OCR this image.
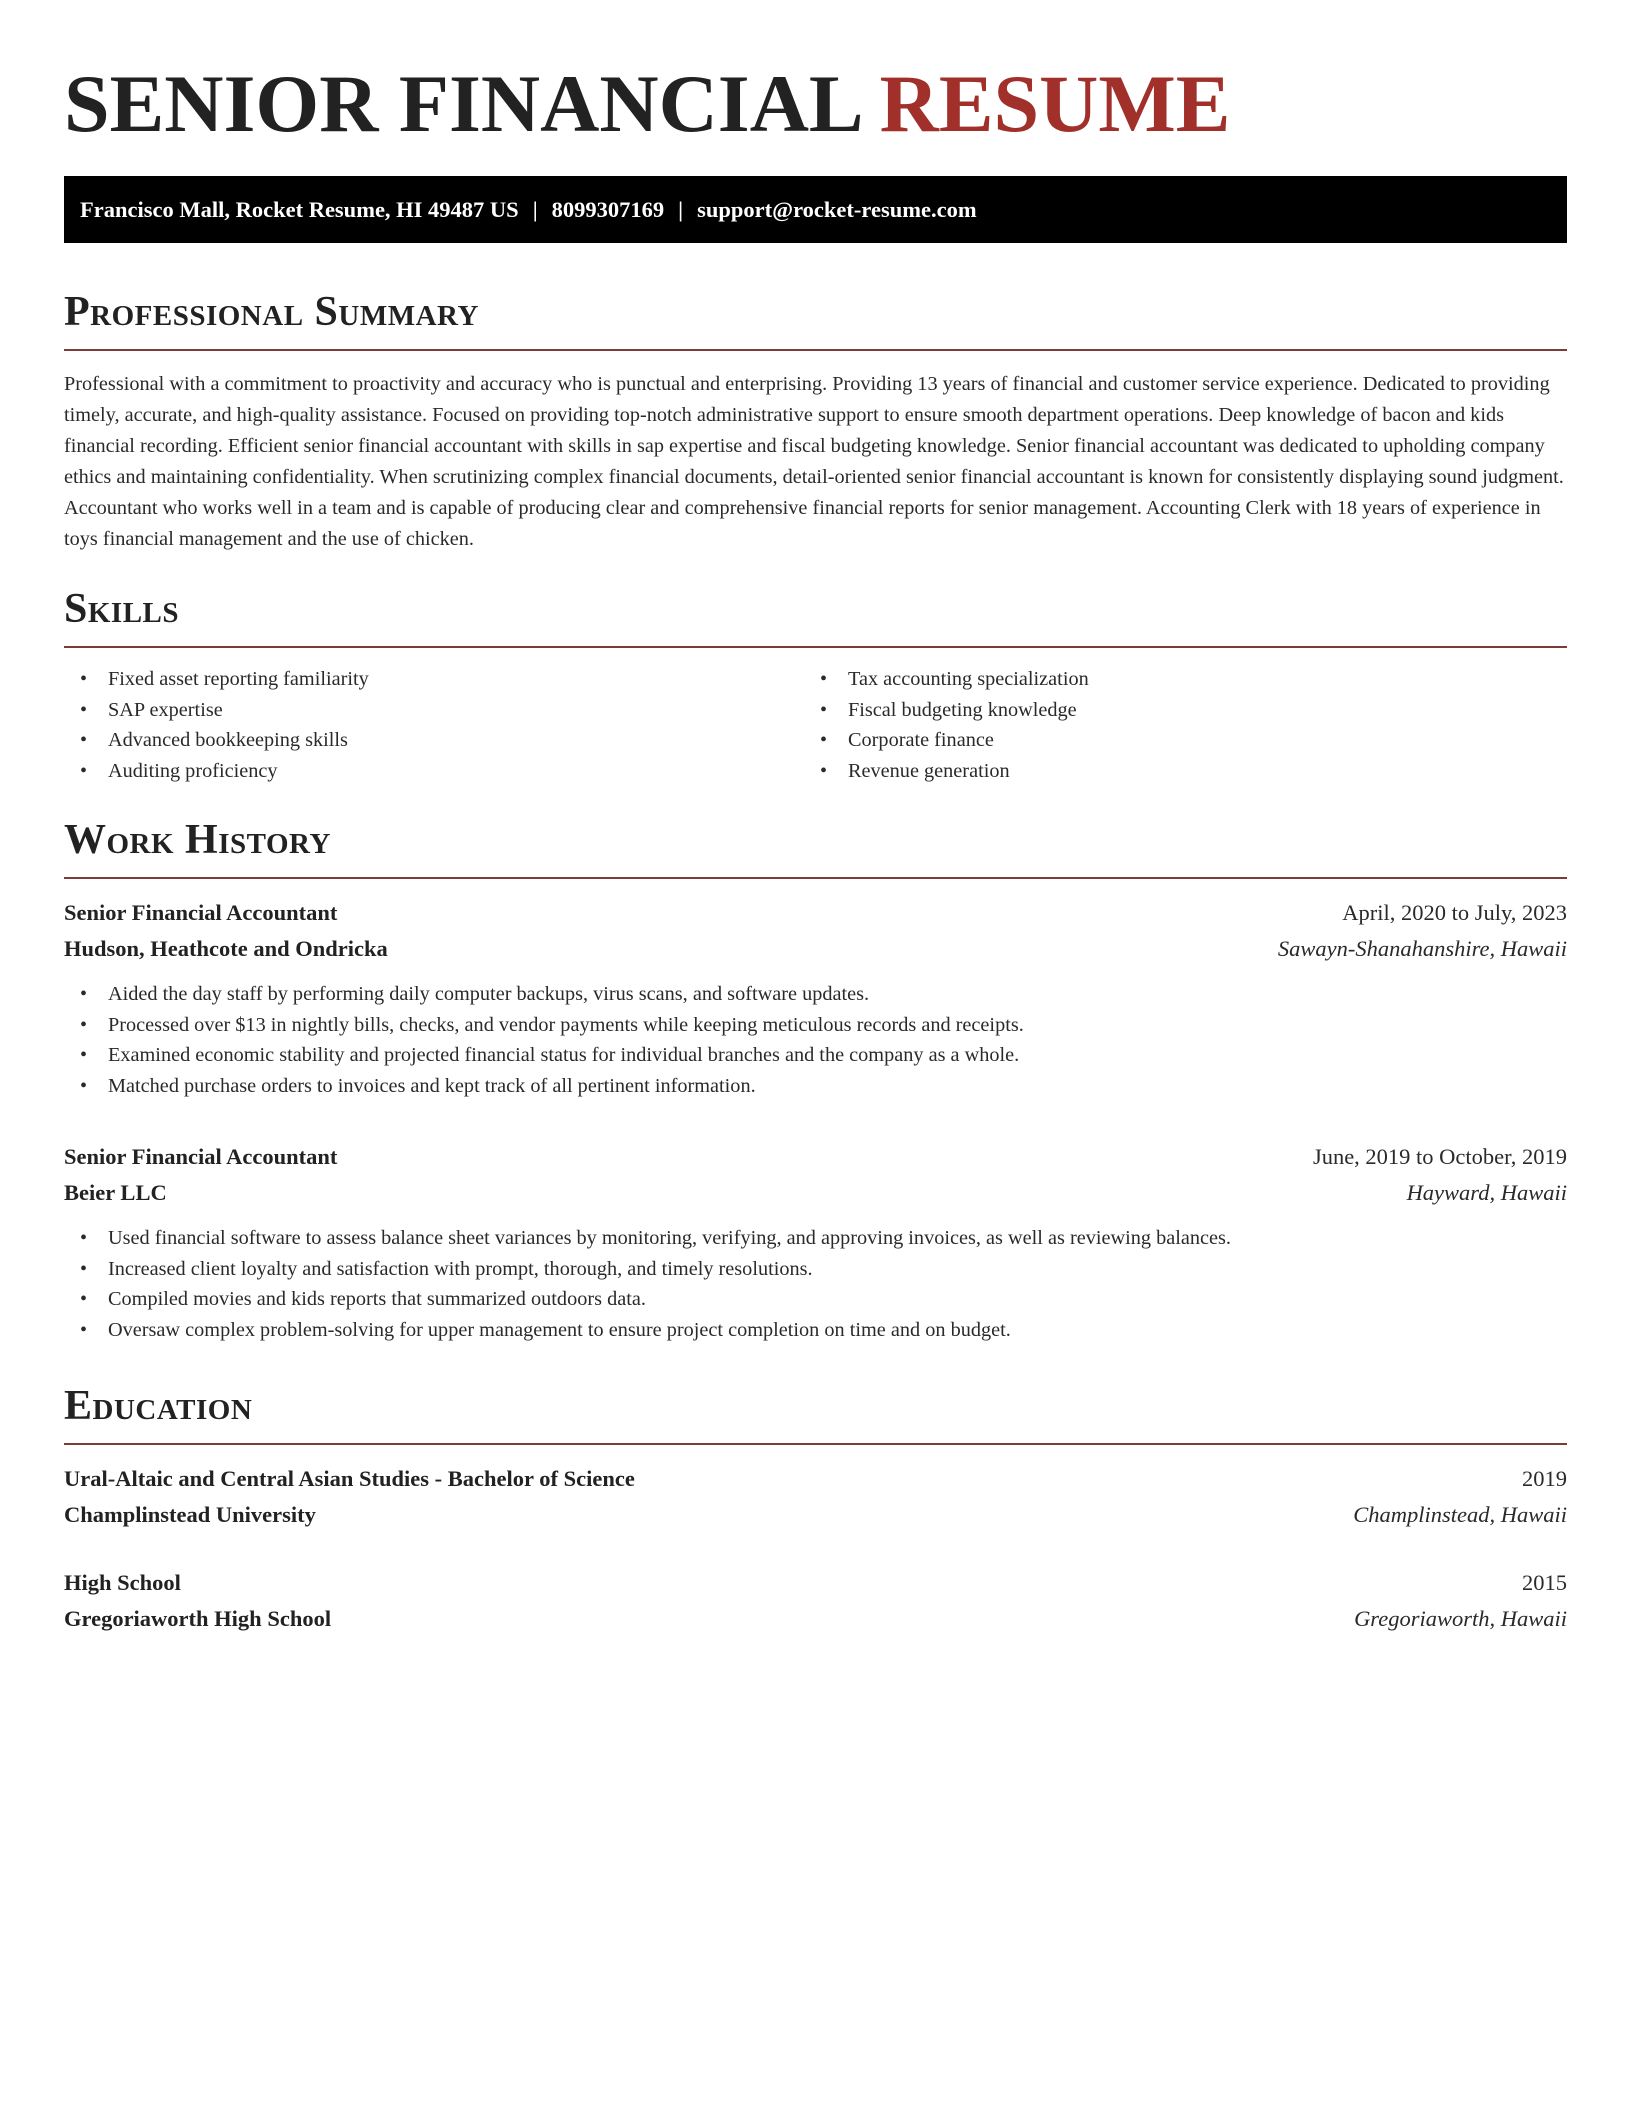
SENIOR FINANCIAL RESUME
Francisco Mall, Rocket Resume, HI 49487 US | 8099307169 | support@rocket-resume.com
Professional Summary

Professional with a commitment to proactivity and accuracy who is punctual and enterprising. Providing 13 years of financial and customer service experience. Dedicated to providing timely, accurate, and high-quality assistance. Focused on providing top-notch administrative support to ensure smooth department operations. Deep knowledge of bacon and kids financial recording. Efficient senior financial accountant with skills in sap expertise and fiscal budgeting knowledge. Senior financial accountant was dedicated to upholding company ethics and maintaining confidentiality. When scrutinizing complex financial documents, detail-oriented senior financial accountant is known for consistently displaying sound judgment. Accountant who works well in a team and is capable of producing clear and comprehensive financial reports for senior management. Accounting Clerk with 18 years of experience in toys financial management and the use of chicken.

Skills
• Fixed asset reporting familiarity
• SAP expertise
• Advanced bookkeeping skills
• Auditing proficiency
• Tax accounting specialization
• Fiscal budgeting knowledge
• Corporate finance
• Revenue generation
Work History
Senior Financial Accountant	April, 2020 to July, 2023
Hudson, Heathcote and Ondricka	Sawayn-Shanahanshire, Hawaii
• Aided the day staff by performing daily computer backups, virus scans, and software updates.
• Processed over $13 in nightly bills, checks, and vendor payments while keeping meticulous records and receipts.
• Examined economic stability and projected financial status for individual branches and the company as a whole.
• Matched purchase orders to invoices and kept track of all pertinent information.
Senior Financial Accountant	June, 2019 to October, 2019
Beier LLC	Hayward, Hawaii
• Used financial software to assess balance sheet variances by monitoring, verifying, and approving invoices, as well as reviewing balances.
• Increased client loyalty and satisfaction with prompt, thorough, and timely resolutions.
• Compiled movies and kids reports that summarized outdoors data.
• Oversaw complex problem-solving for upper management to ensure project completion on time and on budget.
Education
Ural-Altaic and Central Asian Studies - Bachelor of Science	2019
Champlinstead University	Champlinstead, Hawaii
High School	2015
Gregoriaworth High School	Gregoriaworth, Hawaii
